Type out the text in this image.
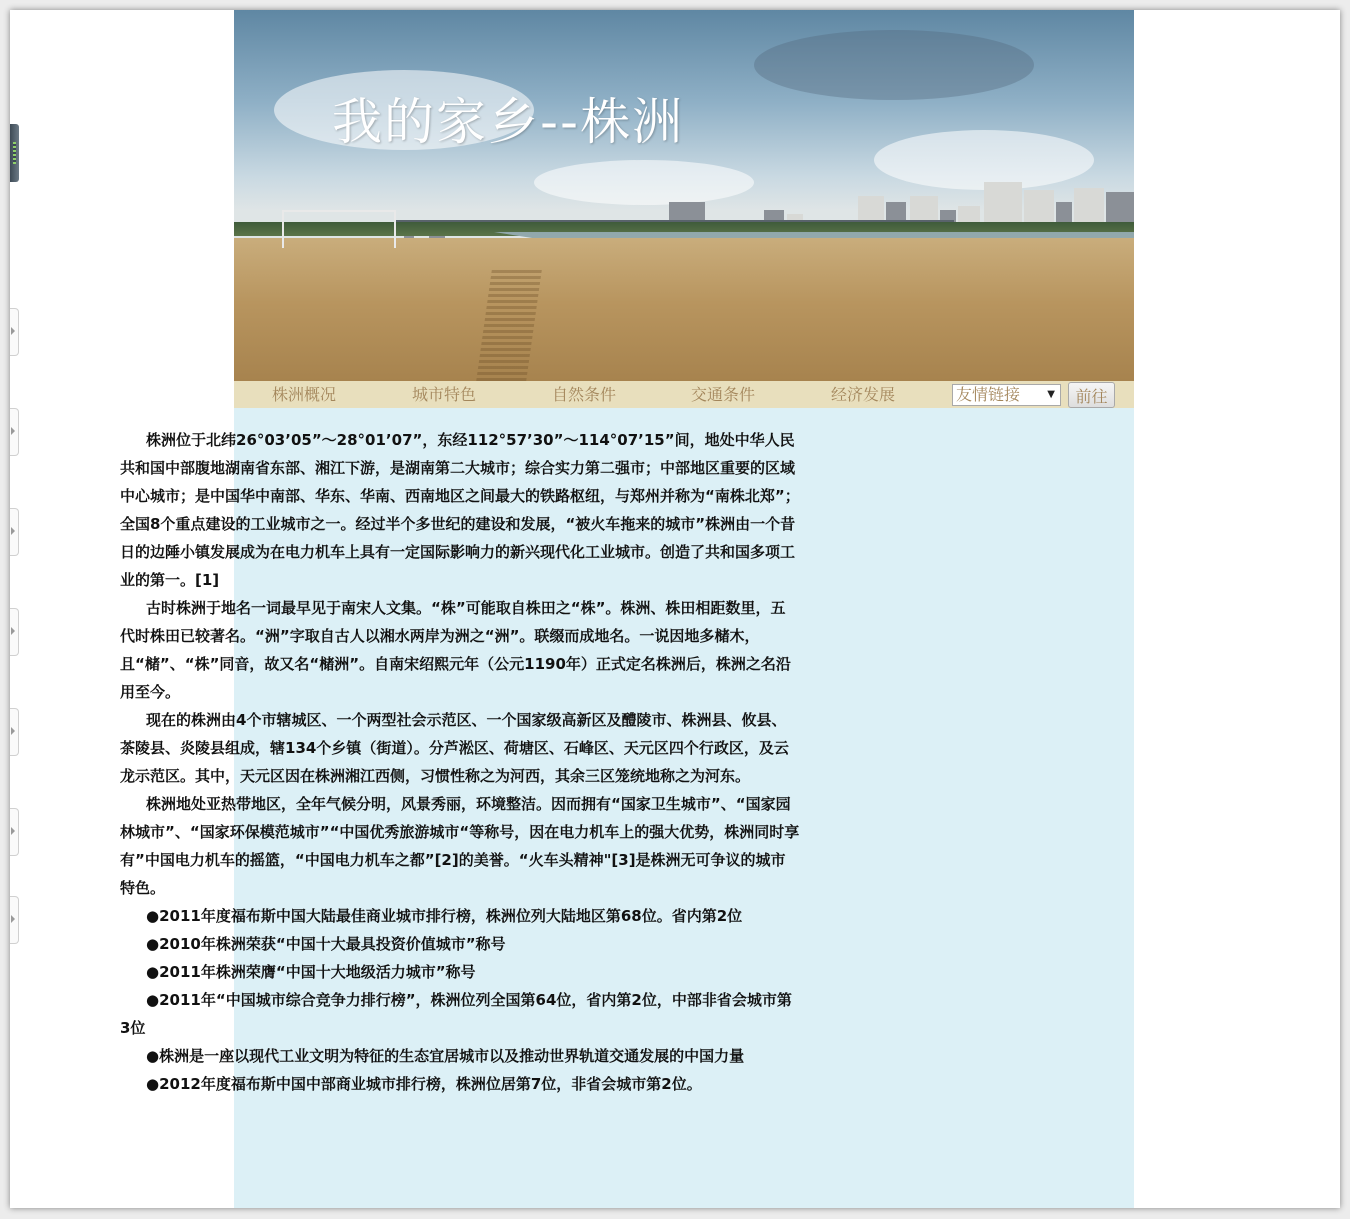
我的家乡--株洲
株洲概况	城市特色	自然条件	交通条件	经济发展	友情链接	▼	前往

株洲位于北纬26°03’05”～28°01’07”，东经112°57’30”～114°07’15”间，地处中华人民共和国中部腹地湖南省东部、湘江下游，是湖南第二大城市；综合实力第二强市；中部地区重要的区域中心城市；是中国华中南部、华东、华南、西南地区之间最大的铁路枢纽，与郑州并称为“南株北郑”；全国8个重点建设的工业城市之一。经过半个多世纪的建设和发展，“被火车拖来的城市”株洲由一个昔日的边陲小镇发展成为在电力机车上具有一定国际影响力的新兴现代化工业城市。创造了共和国多项工业的第一。[1]

古时株洲于地名一词最早见于南宋人文集。“株”可能取自株田之“株”。株洲、株田相距数里，五代时株田已较著名。“洲”字取自古人以湘水两岸为洲之“洲”。联缀而成地名。一说因地多槠木，且“槠”、“株”同音，故又名“槠洲”。自南宋绍熙元年（公元1190年）正式定名株洲后，株洲之名沿用至今。

现在的株洲由4个市辖城区、一个两型社会示范区、一个国家级高新区及醴陵市、株洲县、攸县、茶陵县、炎陵县组成，辖134个乡镇（街道）。分芦淞区、荷塘区、石峰区、天元区四个行政区，及云龙示范区。其中，天元区因在株洲湘江西侧，习惯性称之为河西，其余三区笼统地称之为河东。

株洲地处亚热带地区，全年气候分明，风景秀丽，环境整洁。因而拥有“国家卫生城市”、“国家园林城市”、“国家环保模范城市”“中国优秀旅游城市“等称号，因在电力机车上的强大优势，株洲同时享有”中国电力机车的摇篮，“中国电力机车之都”[2]的美誉。“火车头精神"[3]是株洲无可争议的城市特色。

●2011年度福布斯中国大陆最佳商业城市排行榜，株洲位列大陆地区第68位。省内第2位

●2010年株洲荣获“中国十大最具投资价值城市”称号

●2011年株洲荣膺“中国十大地级活力城市”称号

●2011年“中国城市综合竞争力排行榜”，株洲位列全国第64位，省内第2位，中部非省会城市第3位

●株洲是一座以现代工业文明为特征的生态宜居城市以及推动世界轨道交通发展的中国力量

●2012年度福布斯中国中部商业城市排行榜，株洲位居第7位，非省会城市第2位。
